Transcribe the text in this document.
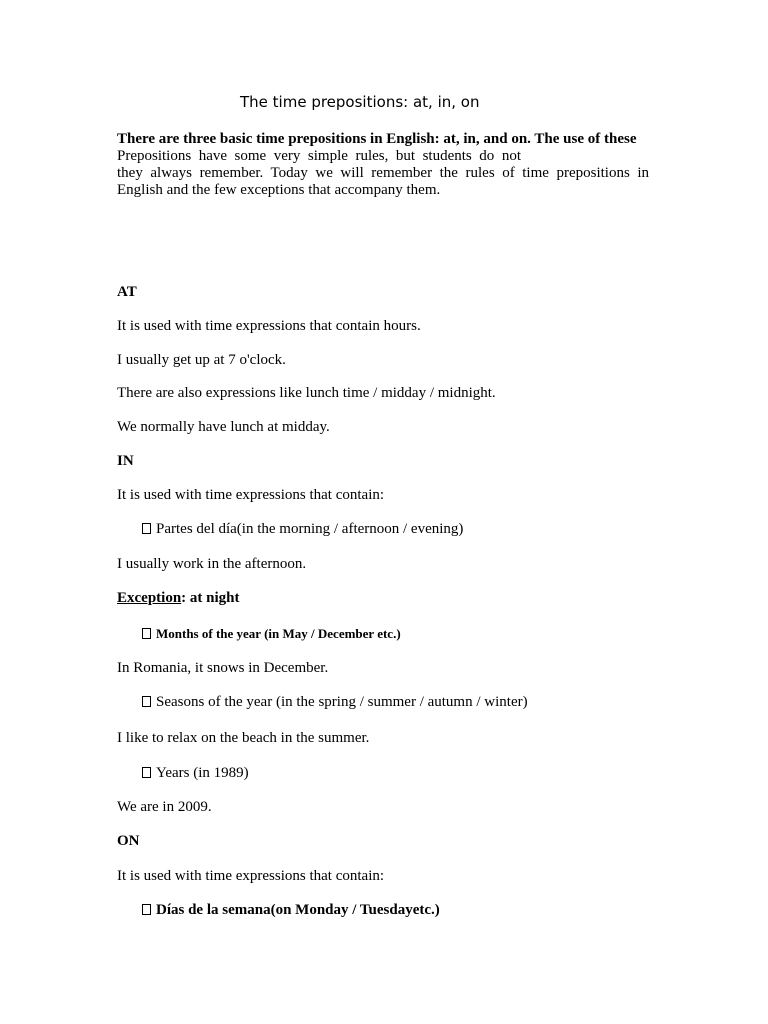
The time prepositions: at, in, on
There are three basic time prepositions in English: at, in, and on. The use of these
Prepositions have some very simple rules, but students do not
they always remember. Today we will remember the rules of time prepositions in
English and the few exceptions that accompany them.
AT
It is used with time expressions that contain hours.
I usually get up at 7 o'clock.
There are also expressions like lunch time / midday / midnight.
We normally have lunch at midday.
IN
It is used with time expressions that contain:
Partes del día(in the morning / afternoon / evening)
I usually work in the afternoon.
Exception: at night
Months of the year (in May / December etc.)
In Romania, it snows in December.
Seasons of the year (in the spring / summer / autumn / winter)
I like to relax on the beach in the summer.
Years (in 1989)
We are in 2009.
ON
It is used with time expressions that contain:
Días de la semana(on Monday / Tuesdayetc.)
